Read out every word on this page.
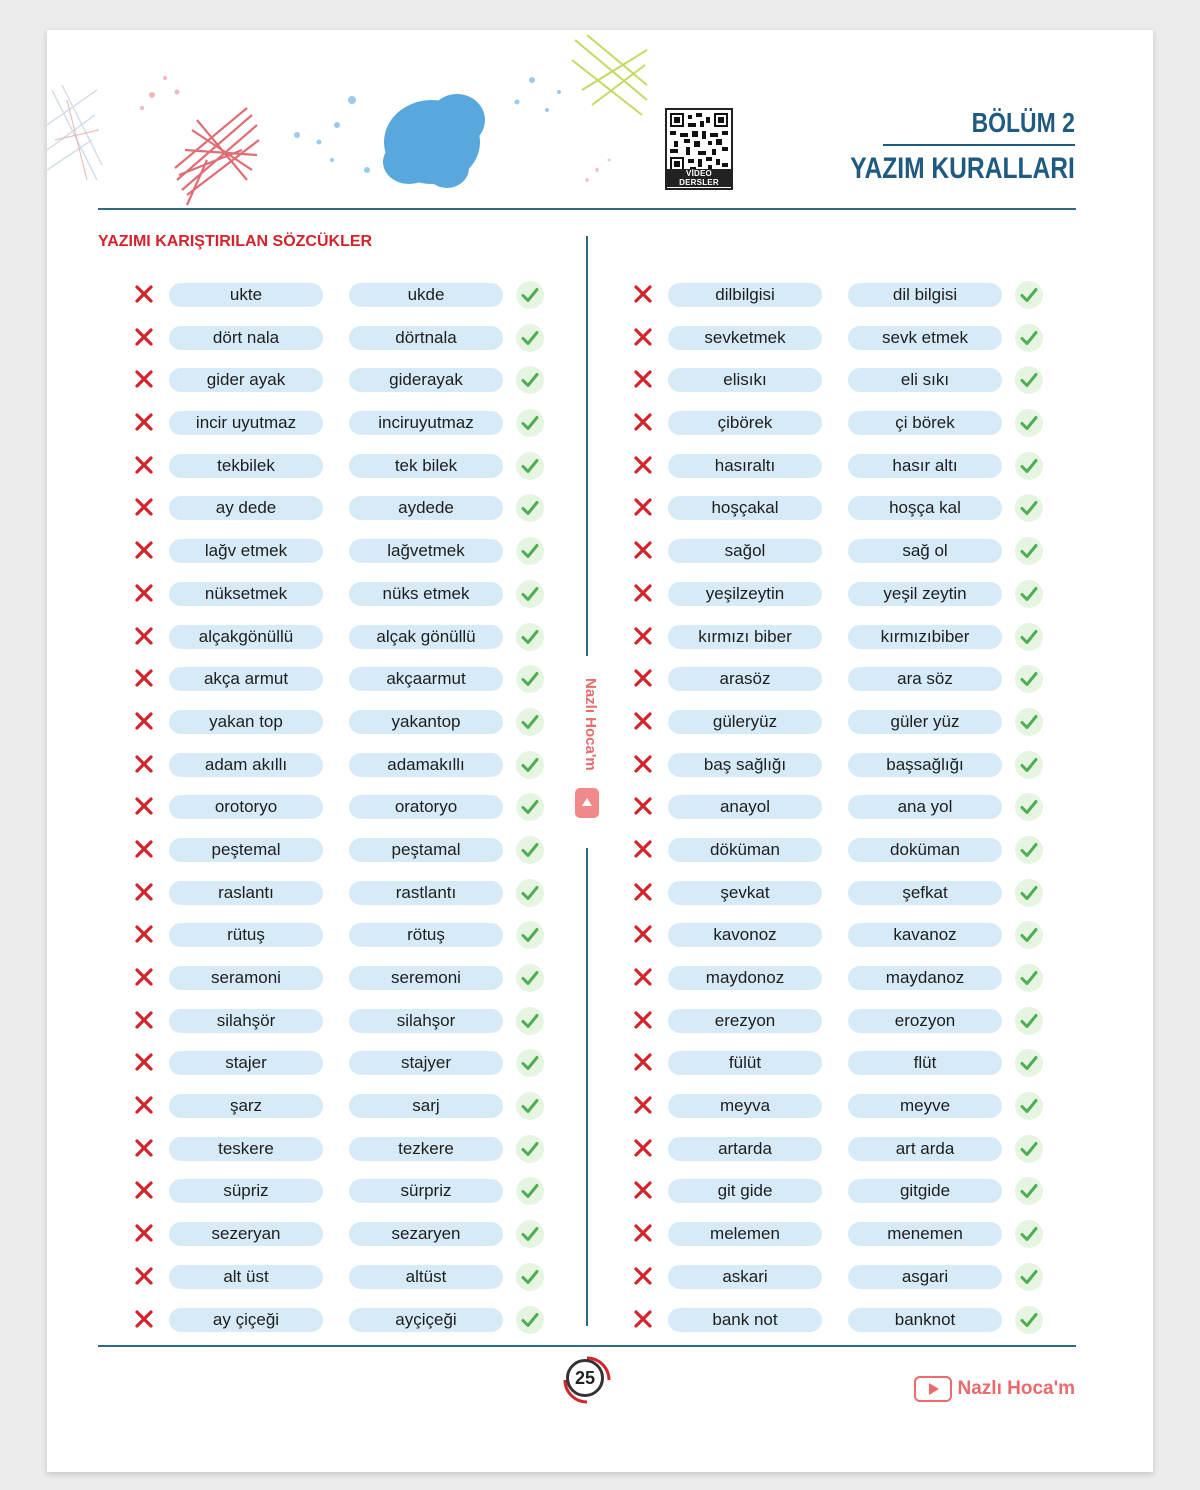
VİDEO DERSLER
BÖLÜM 2
YAZIM KURALLARI
YAZIMI KARIŞTIRILAN SÖZCÜKLER
Nazlı Hoca'm
ukte	ukde
dört nala	dörtnala
gider ayak	giderayak
incir uyutmaz	inciruyutmaz
tekbilek	tek bilek
ay dede	aydede
lağv etmek	lağvetmek
nüksetmek	nüks etmek
alçakgönüllü	alçak gönüllü
akça armut	akçaarmut
yakan top	yakantop
adam akıllı	adamakıllı
orotoryo	oratoryo
peştemal	peştamal
raslantı	rastlantı
rütuş	rötuş
seramoni	seremoni
silahşör	silahşor
stajer	stajyer
şarz	sarj
teskere	tezkere
süpriz	sürpriz
sezeryan	sezaryen
alt üst	altüst
ay çiçeği	ayçiçeği
dilbilgisi	dil bilgisi
sevketmek	sevk etmek
elisıkı	eli sıkı
çibörek	çi börek
hasıraltı	hasır altı
hoşçakal	hoşça kal
sağol	sağ ol
yeşilzeytin	yeşil zeytin
kırmızı biber	kırmızıbiber
arasöz	ara söz
güleryüz	güler yüz
baş sağlığı	başsağlığı
anayol	ana yol
döküman	doküman
şevkat	şefkat
kavonoz	kavanoz
maydonoz	maydanoz
erezyon	erozyon
fülüt	flüt
meyva	meyve
artarda	art arda
git gide	gitgide
melemen	menemen
askari	asgari
bank not	banknot
25	Nazlı Hoca'm
